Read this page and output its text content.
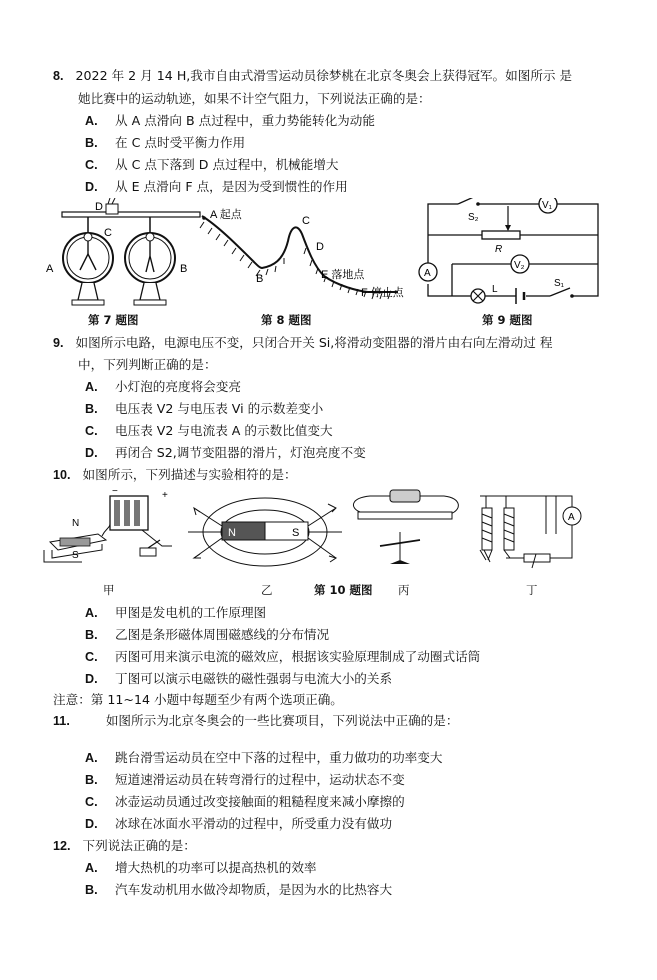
8. 2022 年 2 月 14 H,我市自由式滑雪运动员徐梦桃在北京冬奥会上获得冠军。如图所示 是
她比赛中的运动轨迹，如果不计空气阻力，下列说法正确的是：
A. 从 A 点滑向 B 点过程中，重力势能转化为动能
B. 在 C 点时受平衡力作用
C. 从 C 点下落到 D 点过程中，机械能增大
D. 从 E 点滑向 F 点，是因为受到惯性的作用
A	B
C
D
第 7 题图
A 起点
B
C
D
E 落地点
F 停止点
第 8 题图
S₂
V₁
R
V₂
A
L
S₁
第 9 题图
9. 如图所示电路，电源电压不变，只闭合开关 Si,将滑动变阻器的滑片由右向左滑动过 程
中，下列判断正确的是：
A. 小灯泡的亮度将会变亮
B. 电压表 V2 与电压表 Vi 的示数差变小
C. 电压表 V2 与电流表 A 的示数比值变大
D. 再闭合 S2,调节变阻器的滑片，灯泡亮度不变
10. 如图所示，下列描述与实验相符的是：
−	+
N
S
N	S
A
甲	乙	第 10 题图 丙	丁
A. 甲图是发电机的工作原理图
B. 乙图是条形磁体周围磁感线的分布情况
C. 丙图可用来演示电流的磁效应，根据该实验原理制成了动圈式话筒
D. 丁图可以演示电磁铁的磁性强弱与电流大小的关系
注意：第 11~14 小题中每题至少有两个选项正确。
11.	如图所示为北京冬奥会的一些比赛项目，下列说法中正确的是：
A. 跳台滑雪运动员在空中下落的过程中，重力做功的功率变大
B. 短道速滑运动员在转弯滑行的过程中，运动状态不变
C. 冰壶运动员通过改变接触面的粗糙程度来减小摩擦的
D. 冰球在冰面水平滑动的过程中，所受重力没有做功
12. 下列说法正确的是：
A. 增大热机的功率可以提高热机的效率
B. 汽车发动机用水做冷却物质，是因为水的比热容大
